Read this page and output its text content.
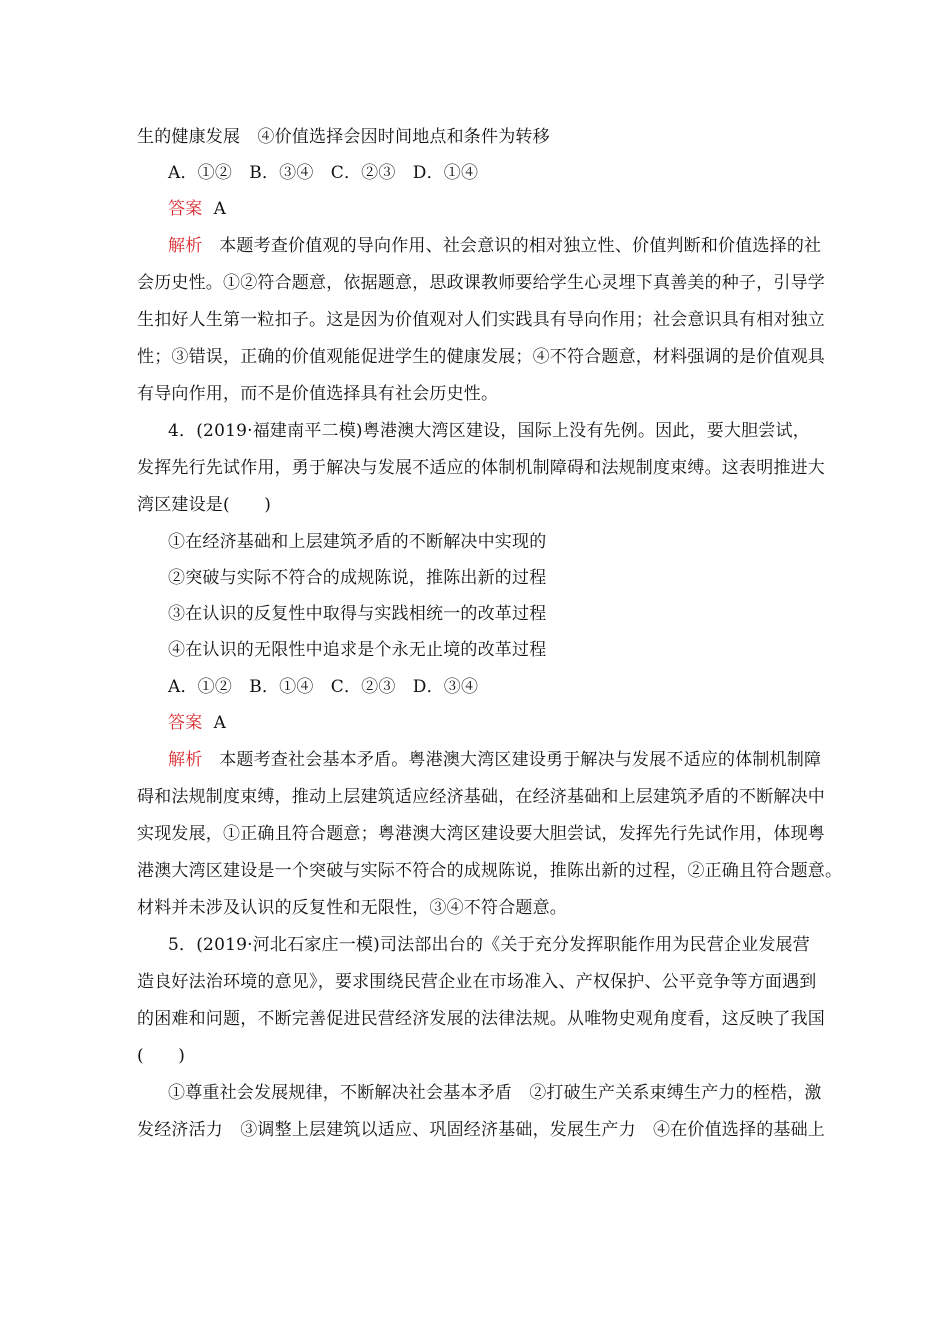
生的健康发展　④价值选择会因时间地点和条件为转移
A．①②　B．③④　C．②③　D．①④
答案 A
解析 本题考查价值观的导向作用、社会意识的相对独立性、价值判断和价值选择的社
会历史性。①②符合题意，依据题意，思政课教师要给学生心灵埋下真善美的种子，引导学
生扣好人生第一粒扣子。这是因为价值观对人们实践具有导向作用；社会意识具有相对独立
性；③错误，正确的价值观能促进学生的健康发展；④不符合题意，材料强调的是价值观具
有导向作用，而不是价值选择具有社会历史性。
4．(2019·福建南平二模)粤港澳大湾区建设，国际上没有先例。因此，要大胆尝试，
发挥先行先试作用，勇于解决与发展不适应的体制机制障碍和法规制度束缚。这表明推进大
湾区建设是(　　)
①在经济基础和上层建筑矛盾的不断解决中实现的
②突破与实际不符合的成规陈说，推陈出新的过程
③在认识的反复性中取得与实践相统一的改革过程
④在认识的无限性中追求是个永无止境的改革过程
A．①②　B．①④　C．②③　D．③④
答案 A
解析 本题考查社会基本矛盾。粤港澳大湾区建设勇于解决与发展不适应的体制机制障
碍和法规制度束缚，推动上层建筑适应经济基础，在经济基础和上层建筑矛盾的不断解决中
实现发展，①正确且符合题意；粤港澳大湾区建设要大胆尝试，发挥先行先试作用，体现粤
港澳大湾区建设是一个突破与实际不符合的成规陈说，推陈出新的过程，②正确且符合题意。
材料并未涉及认识的反复性和无限性，③④不符合题意。
5．(2019·河北石家庄一模)司法部出台的《关于充分发挥职能作用为民营企业发展营
造良好法治环境的意见》，要求围绕民营企业在市场准入、产权保护、公平竞争等方面遇到
的困难和问题，不断完善促进民营经济发展的法律法规。从唯物史观角度看，这反映了我国
(　　)
①尊重社会发展规律，不断解决社会基本矛盾　②打破生产关系束缚生产力的桎梏，激
发经济活力　③调整上层建筑以适应、巩固经济基础，发展生产力　④在价值选择的基础上
